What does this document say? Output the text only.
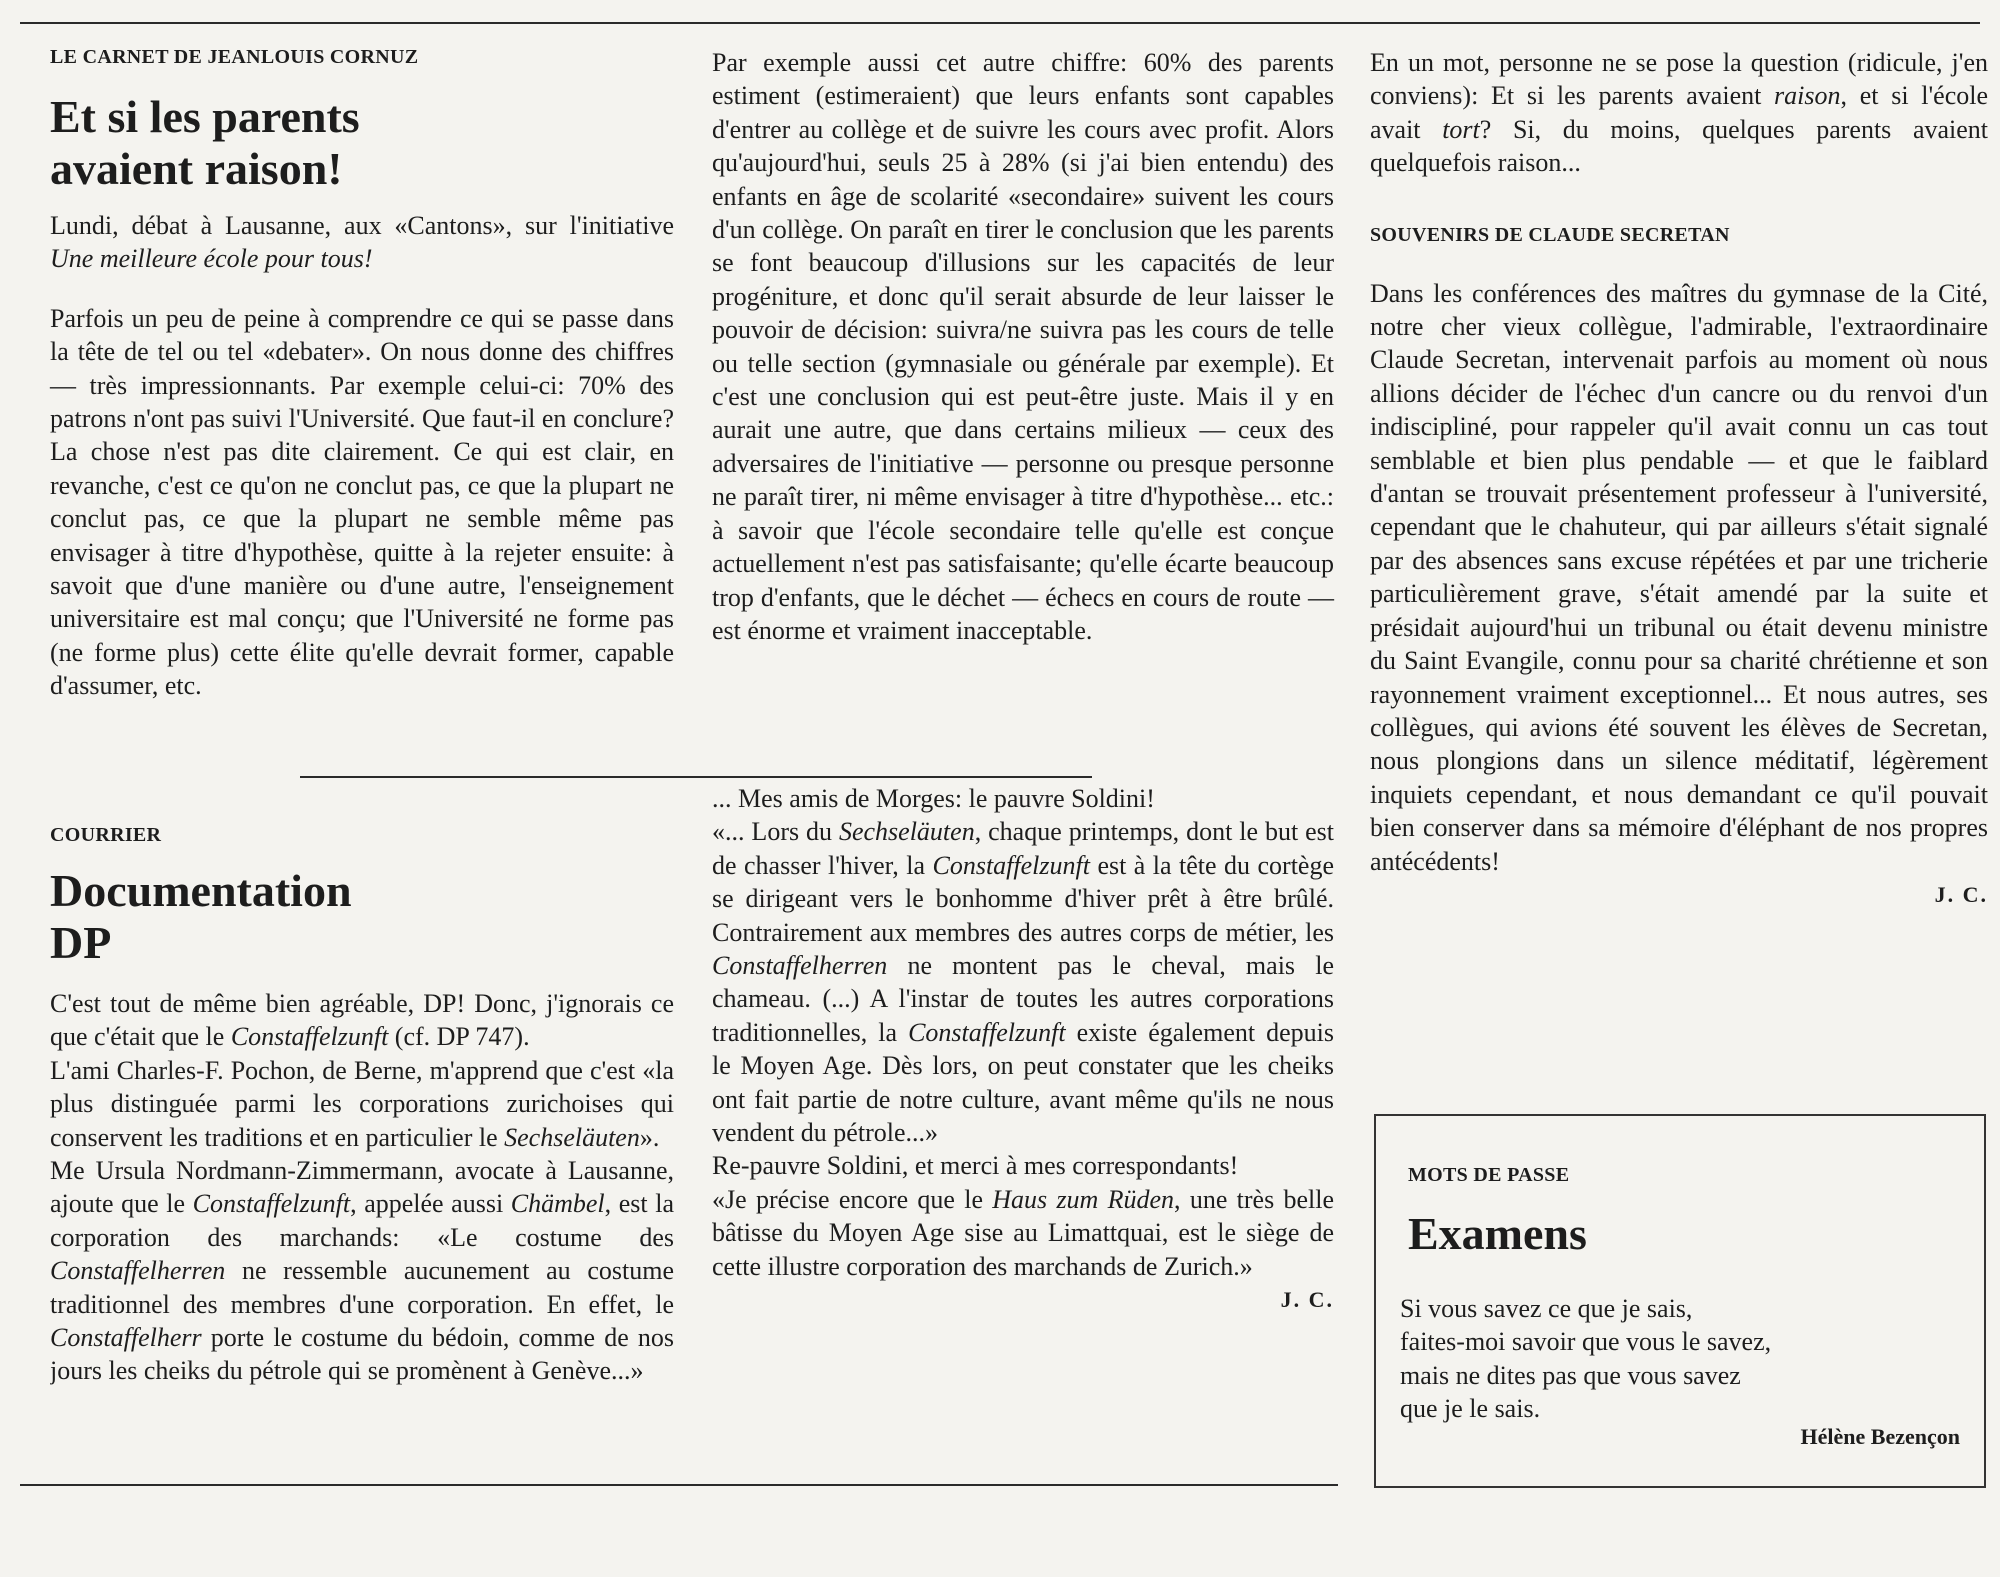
LE CARNET DE JEANLOUIS CORNUZ

Et si les parents
avaient raison!

Lundi, débat à Lausanne, aux «Cantons», sur l'initiative Une meilleure école pour tous!

Parfois un peu de peine à comprendre ce qui se passe dans la tête de tel ou tel «debater». On nous donne des chiffres — très impressionnants. Par exemple celui-ci: 70% des patrons n'ont pas suivi l'Université. Que faut-il en conclure? La chose n'est pas dite clairement. Ce qui est clair, en revanche, c'est ce qu'on ne conclut pas, ce que la plupart ne conclut pas, ce que la plupart ne semble même pas envisager à titre d'hypothèse, quitte à la rejeter ensuite: à savoit que d'une manière ou d'une autre, l'enseignement universitaire est mal conçu; que l'Université ne forme pas (ne forme plus) cette élite qu'elle devrait former, capable d'assumer, etc.

Par exemple aussi cet autre chiffre: 60% des parents estiment (estimeraient) que leurs enfants sont capables d'entrer au collège et de suivre les cours avec profit. Alors qu'aujourd'hui, seuls 25 à 28% (si j'ai bien entendu) des enfants en âge de scolarité «secondaire» suivent les cours d'un collège. On paraît en tirer le conclusion que les parents se font beaucoup d'illusions sur les capacités de leur progéniture, et donc qu'il serait absurde de leur laisser le pouvoir de décision: suivra/ne suivra pas les cours de telle ou telle section (gymnasiale ou générale par exemple). Et c'est une conclusion qui est peut-être juste. Mais il y en aurait une autre, que dans certains milieux — ceux des adversaires de l'initiative — personne ou presque personne ne paraît tirer, ni même envisager à titre d'hypothèse... etc.: à savoir que l'école secondaire telle qu'elle est conçue actuellement n'est pas satisfaisante; qu'elle écarte beaucoup trop d'enfants, que le déchet — échecs en cours de route — est énorme et vraiment inacceptable.

En un mot, personne ne se pose la question (ridicule, j'en conviens): Et si les parents avaient raison, et si l'école avait tort? Si, du moins, quelques parents avaient quelquefois raison...

SOUVENIRS DE CLAUDE SECRETAN

Dans les conférences des maîtres du gymnase de la Cité, notre cher vieux collègue, l'admirable, l'extraordinaire Claude Secretan, intervenait parfois au moment où nous allions décider de l'échec d'un cancre ou du renvoi d'un indiscipliné, pour rappeler qu'il avait connu un cas tout semblable et bien plus pendable — et que le faiblard d'antan se trouvait présentement professeur à l'université, cependant que le chahuteur, qui par ailleurs s'était signalé par des absences sans excuse répétées et par une tricherie particulièrement grave, s'était amendé par la suite et présidait aujourd'hui un tribunal ou était devenu ministre du Saint Evangile, connu pour sa charité chrétienne et son rayonnement vraiment exceptionnel... Et nous autres, ses collègues, qui avions été souvent les élèves de Secretan, nous plongions dans un silence méditatif, légèrement inquiets cependant, et nous demandant ce qu'il pouvait bien conserver dans sa mémoire d'éléphant de nos propres antécédents!

J. C.

COURRIER

Documentation
DP

C'est tout de même bien agréable, DP! Donc, j'ignorais ce que c'était que le Constaffelzunft (cf. DP 747).

L'ami Charles-F. Pochon, de Berne, m'apprend que c'est «la plus distinguée parmi les corporations zurichoises qui conservent les traditions et en particulier le Sechseläuten».

Me Ursula Nordmann-Zimmermann, avocate à Lausanne, ajoute que le Constaffelzunft, appelée aussi Chämbel, est la corporation des marchands: «Le costume des Constaffelherren ne ressemble aucunement au costume traditionnel des membres d'une corporation. En effet, le Constaffelherr porte le costume du bédoin, comme de nos jours les cheiks du pétrole qui se promènent à Genève...»

... Mes amis de Morges: le pauvre Soldini!

«... Lors du Sechseläuten, chaque printemps, dont le but est de chasser l'hiver, la Constaffelzunft est à la tête du cortège se dirigeant vers le bonhomme d'hiver prêt à être brûlé. Contrairement aux membres des autres corps de métier, les Constaffelherren ne montent pas le cheval, mais le chameau. (...) A l'instar de toutes les autres corporations traditionnelles, la Constaffelzunft existe également depuis le Moyen Age. Dès lors, on peut constater que les cheiks ont fait partie de notre culture, avant même qu'ils ne nous vendent du pétrole...»

Re-pauvre Soldini, et merci à mes correspondants!

«Je précise encore que le Haus zum Rüden, une très belle bâtisse du Moyen Age sise au Limattquai, est le siège de cette illustre corporation des marchands de Zurich.»

J. C.

MOTS DE PASSE

Examens

Si vous savez ce que je sais,

faites-moi savoir que vous le savez,

mais ne dites pas que vous savez

que je le sais.

Hélène Bezençon
